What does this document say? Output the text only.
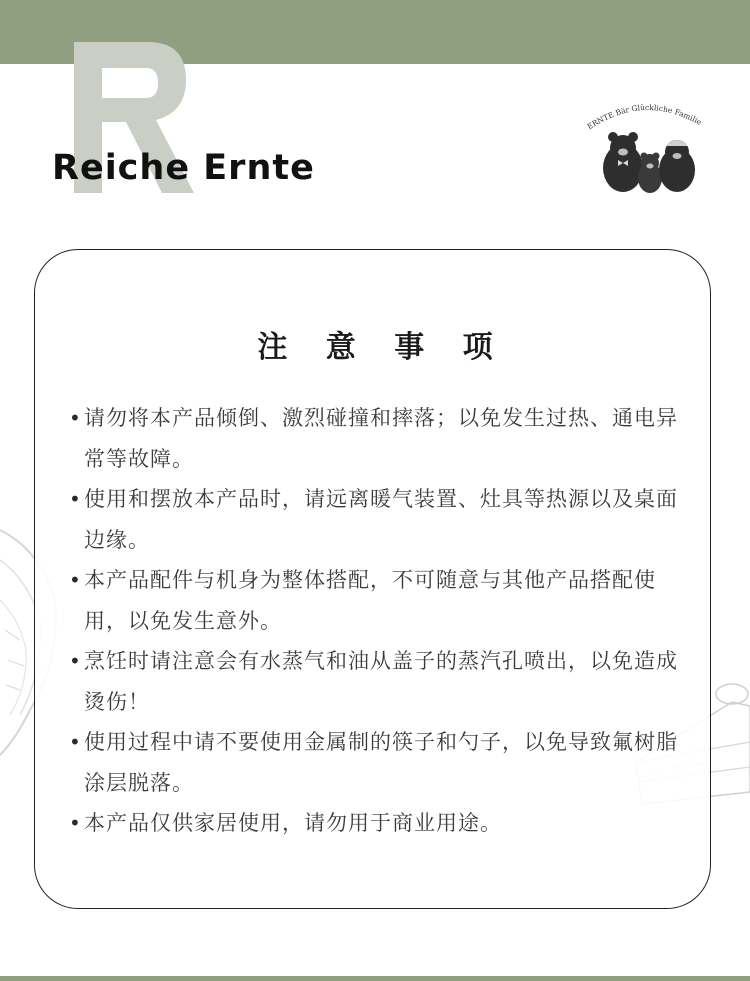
Reiche Ernte
ERNTE Bär Glückliche Familie
注 意 事 项
• 请勿将本产品倾倒、激烈碰撞和摔落；以免发生过热、通电异常等故障。
• 使用和摆放本产品时，请远离暖气装置、灶具等热源以及桌面边缘。
• 本产品配件与机身为整体搭配，不可随意与其他产品搭配使用，以免发生意外。
• 烹饪时请注意会有水蒸气和油从盖子的蒸汽孔喷出，以免造成烫伤！
• 使用过程中请不要使用金属制的筷子和勺子，以免导致氟树脂涂层脱落。
• 本产品仅供家居使用，请勿用于商业用途。
